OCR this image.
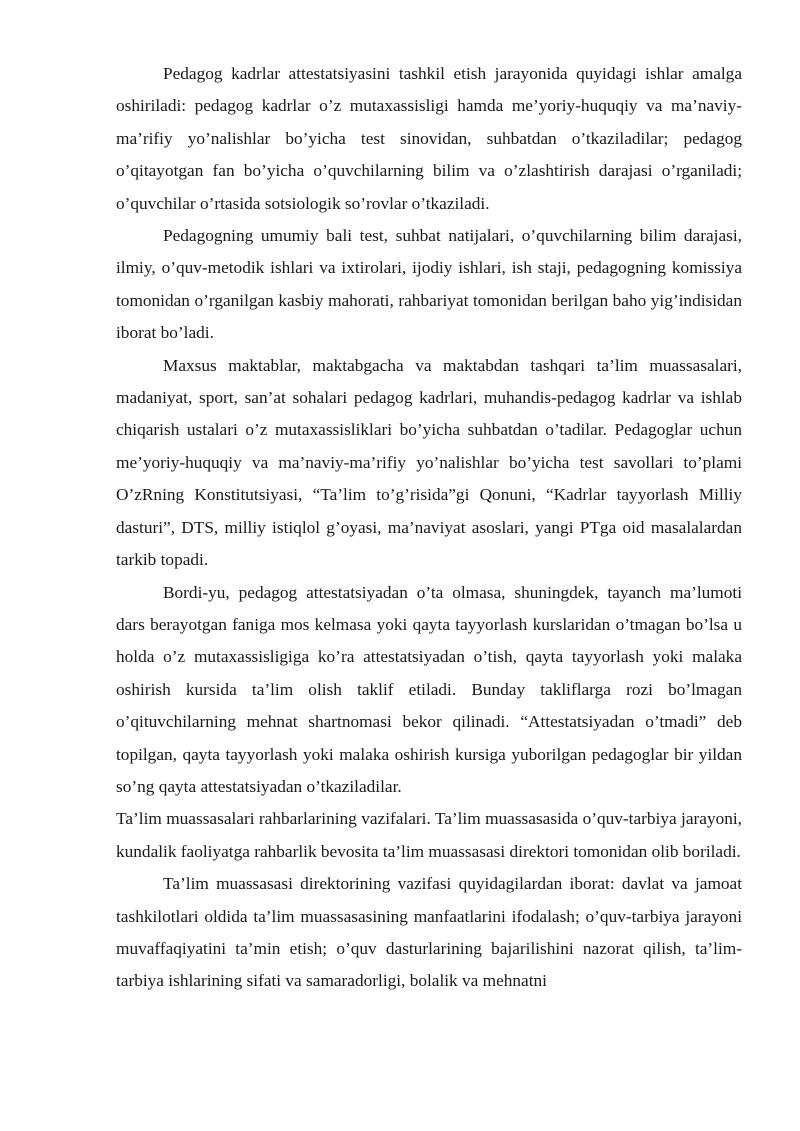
Pedagog kadrlar attestatsiyasini tashkil etish jarayonida quyidagi ishlar amalga oshiriladi: pedagog kadrlar o’z mutaxassisligi hamda me’yoriy-huquqiy va ma’naviy-ma’rifiy yo’nalishlar bo’yicha test sinovidan, suhbatdan o’tkaziladilar; pedagog o’qitayotgan fan bo’yicha o’quvchilarning bilim va o’zlashtirish darajasi o’rganiladi; o’quvchilar o’rtasida sotsiologik so’rovlar o’tkaziladi.

Pedagogning umumiy bali test, suhbat natijalari, o’quvchilarning bilim darajasi, ilmiy, o’quv-metodik ishlari va ixtirolari, ijodiy ishlari, ish staji, pedagogning komissiya tomonidan o’rganilgan kasbiy mahorati, rahbariyat tomonidan berilgan baho yig’indisidan iborat bo’ladi.

Maxsus maktablar, maktabgacha va maktabdan tashqari ta’lim muassasalari, madaniyat, sport, san’at sohalari pedagog kadrlari, muhandis-pedagog kadrlar va ishlab chiqarish ustalari o’z mutaxassisliklari bo’yicha suhbatdan o’tadilar. Pedagoglar uchun me’yoriy-huquqiy va ma’naviy-ma’rifiy yo’nalishlar bo’yicha test savollari to’plami O’zRning Konstitutsiyasi, “Ta’lim to’g’risida”gi Qonuni, “Kadrlar tayyorlash Milliy dasturi”, DTS, milliy istiqlol g’oyasi, ma’naviyat asoslari, yangi PTga oid masalalardan tarkib topadi.

Bordi-yu, pedagog attestatsiyadan o’ta olmasa, shuningdek, tayanch ma’lumoti dars berayotgan faniga mos kelmasa yoki qayta tayyorlash kurslaridan o’tmagan bo’lsa u holda o’z mutaxassisligiga ko’ra attestatsiyadan o’tish, qayta tayyorlash yoki malaka oshirish kursida ta’lim olish taklif etiladi. Bunday takliflarga rozi bo’lmagan o’qituvchilarning mehnat shartnomasi bekor qilinadi. “Attestatsiyadan o’tmadi” deb topilgan, qayta tayyorlash yoki malaka oshirish kursiga yuborilgan pedagoglar bir yildan so’ng qayta attestatsiyadan o’tkaziladilar.

Ta’lim muassasalari rahbarlarining vazifalari. Ta’lim muassasasida o’quv-tarbiya jarayoni, kundalik faoliyatga rahbarlik bevosita ta’lim muassasasi direktori tomonidan olib boriladi.

Ta’lim muassasasi direktorining vazifasi quyidagilardan iborat: davlat va jamoat tashkilotlari oldida ta’lim muassasasining manfaatlarini ifodalash; o’quv-tarbiya jarayoni muvaffaqiyatini ta’min etish; o’quv dasturlarining bajarilishini nazorat qilish, ta’lim-tarbiya ishlarining sifati va samaradorligi, bolalik va mehnatni
